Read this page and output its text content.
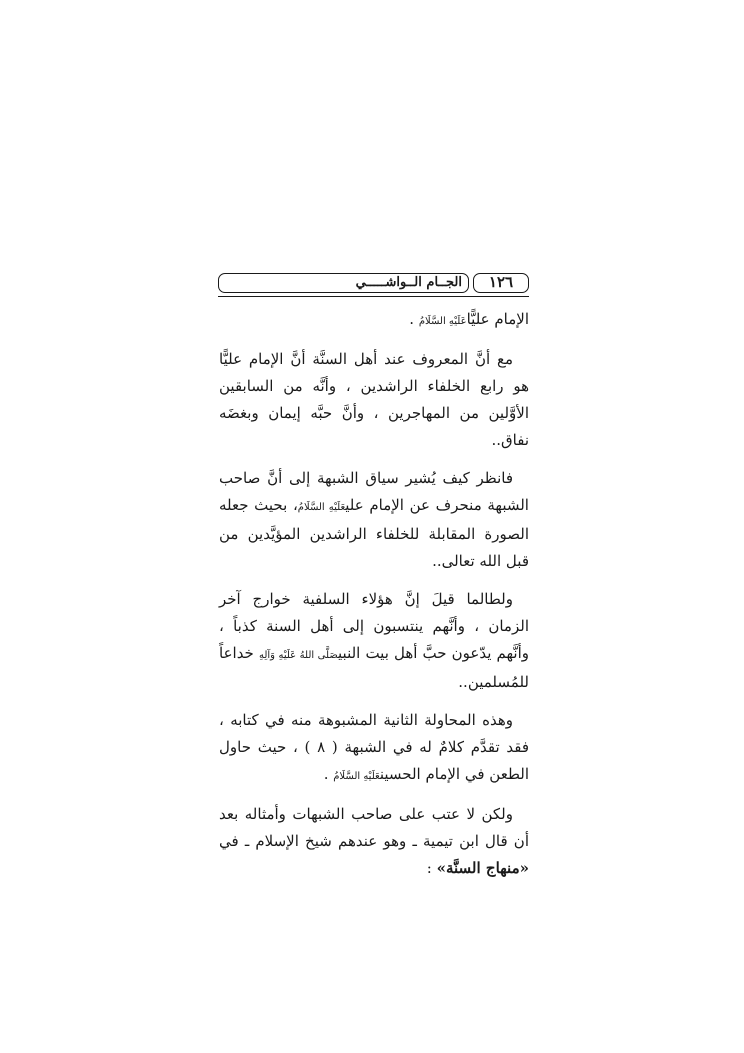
١٢٦
الجــام الــواشـــــي

الإمام عليًّاعَلَيْهِ السَّلَامُ .

مع أنَّ المعروف عند أهل السنَّة أنَّ الإمام عليًّا هو رابع الخلفاء الراشدين ، وأنَّه من السابقين الأوَّلين من المهاجرين ، وأنَّ حبَّه إيمان وبغضَه نفاق..

فانظر كيف يُشير سياق الشبهة إلى أنَّ صاحب الشبهة منحرف عن الإمام عليعَلَيْهِ السَّلَامُ، بحيث جعله الصورة المقابلة للخلفاء الراشدين المؤيَّدين من قبل الله تعالى..

ولطالما قيلَ إنَّ هؤلاء السلفية خوارج آخر الزمان ، وأنَّهم ينتسبون إلى أهل السنة كذباً ، وأنَّهم يدّعون حبَّ أهل بيت النبيصَلَّى اللهُ عَلَيْهِ وَآلِهِ خداعاً للمُسلمين..

وهذه المحاولة الثانية المشبوهة منه في كتابه ، فقد تقدَّم كلامٌ له في الشبهة ( ٨ ) ، حيث حاول الطعن في الإمام الحسينعَلَيْهِ السَّلَامُ .

ولكن لا عتب على صاحب الشبهات وأمثاله بعد أن قال ابن تيمية ـ وهو عندهم شيخ الإسلام ـ في «منهاج السنَّة» :
